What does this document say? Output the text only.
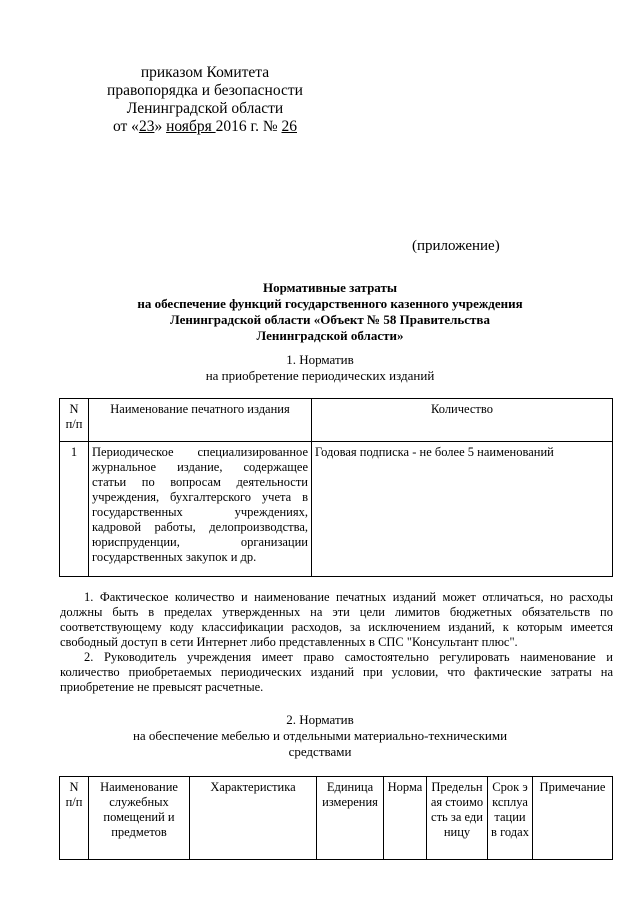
приказом Комитета
правопорядка и безопасности
Ленинградской области
от «23» ноября 2016 г. № 26
(приложение)
Нормативные затраты
на обеспечение функций государственного казенного учреждения
Ленинградской области «Объект № 58 Правительства
Ленинградской области»
1. Норматив
на приобретение периодических изданий
N п/п	Наименование печатного издания	Количество
1	Периодическое специализированное журнальное издание, содержащее статьи по вопросам деятельности учреждения, бухгалтерского учета в государственных учреждениях, кадровой работы, делопроизводства, юриспруденции, организации государственных закупок и др.	Годовая подписка - не более 5 наименований

1. Фактическое количество и наименование печатных изданий может отличаться, но расходы должны быть в пределах утвержденных на эти цели лимитов бюджетных обязательств по соответствующему коду классификации расходов, за исключением изданий, к которым имеется свободный доступ в сети Интернет либо представленных в СПС "Консультант плюс".

2. Руководитель учреждения имеет право самостоятельно регулировать наименование и количество приобретаемых периодических изданий при условии, что фактические затраты на приобретение не превысят расчетные.

2. Норматив
на обеспечение мебелью и отдельными материально-техническими
средствами
N п/п	Наименование служебных помещений и предметов	Характеристика	Единица измерения	Норма	Предельная стоимость за единицу	Срок эксплуатации в годах	Примечание
